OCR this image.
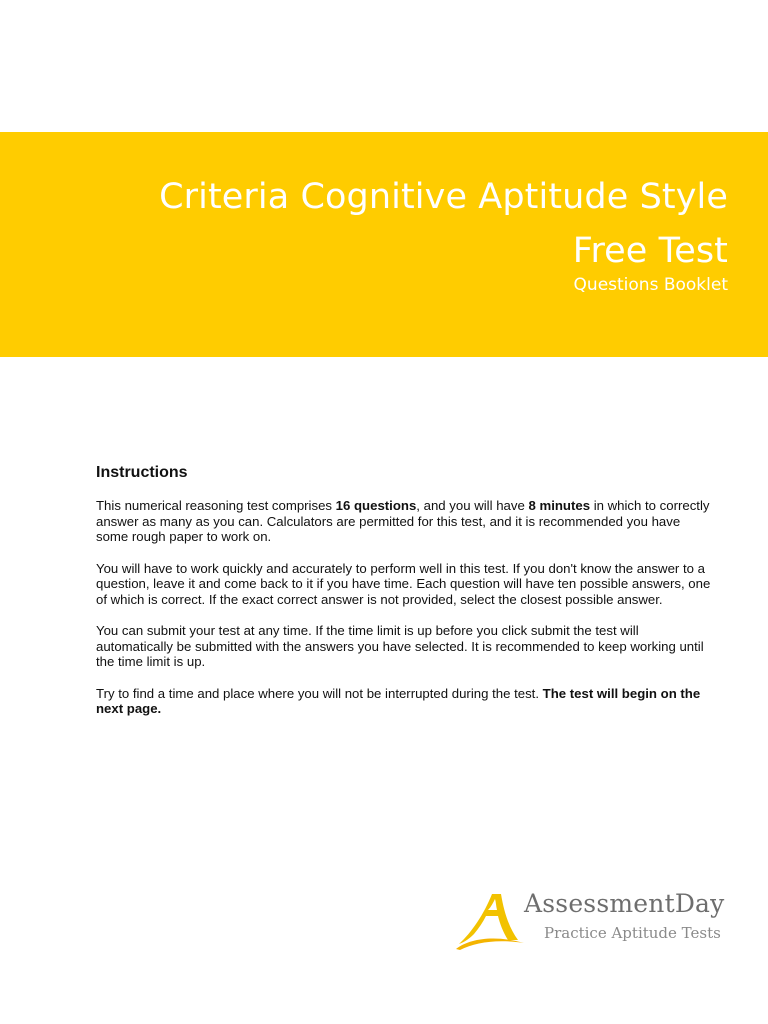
Criteria Cognitive Aptitude Style
Free Test
Questions Booklet
Instructions

This numerical reasoning test comprises 16 questions, and you will have 8 minutes in which to correctly answer as many as you can. Calculators are permitted for this test, and it is recommended you have some rough paper to work on.

You will have to work quickly and accurately to perform well in this test. If you don't know the answer to a question, leave it and come back to it if you have time. Each question will have ten possible answers, one of which is correct. If the exact correct answer is not provided, select the closest possible answer.

You can submit your test at any time. If the time limit is up before you click submit the test will automatically be submitted with the answers you have selected. It is recommended to keep working until the time limit is up.

Try to find a time and place where you will not be interrupted during the test. The test will begin on the next page.

AssessmentDay
Practice Aptitude Tests
